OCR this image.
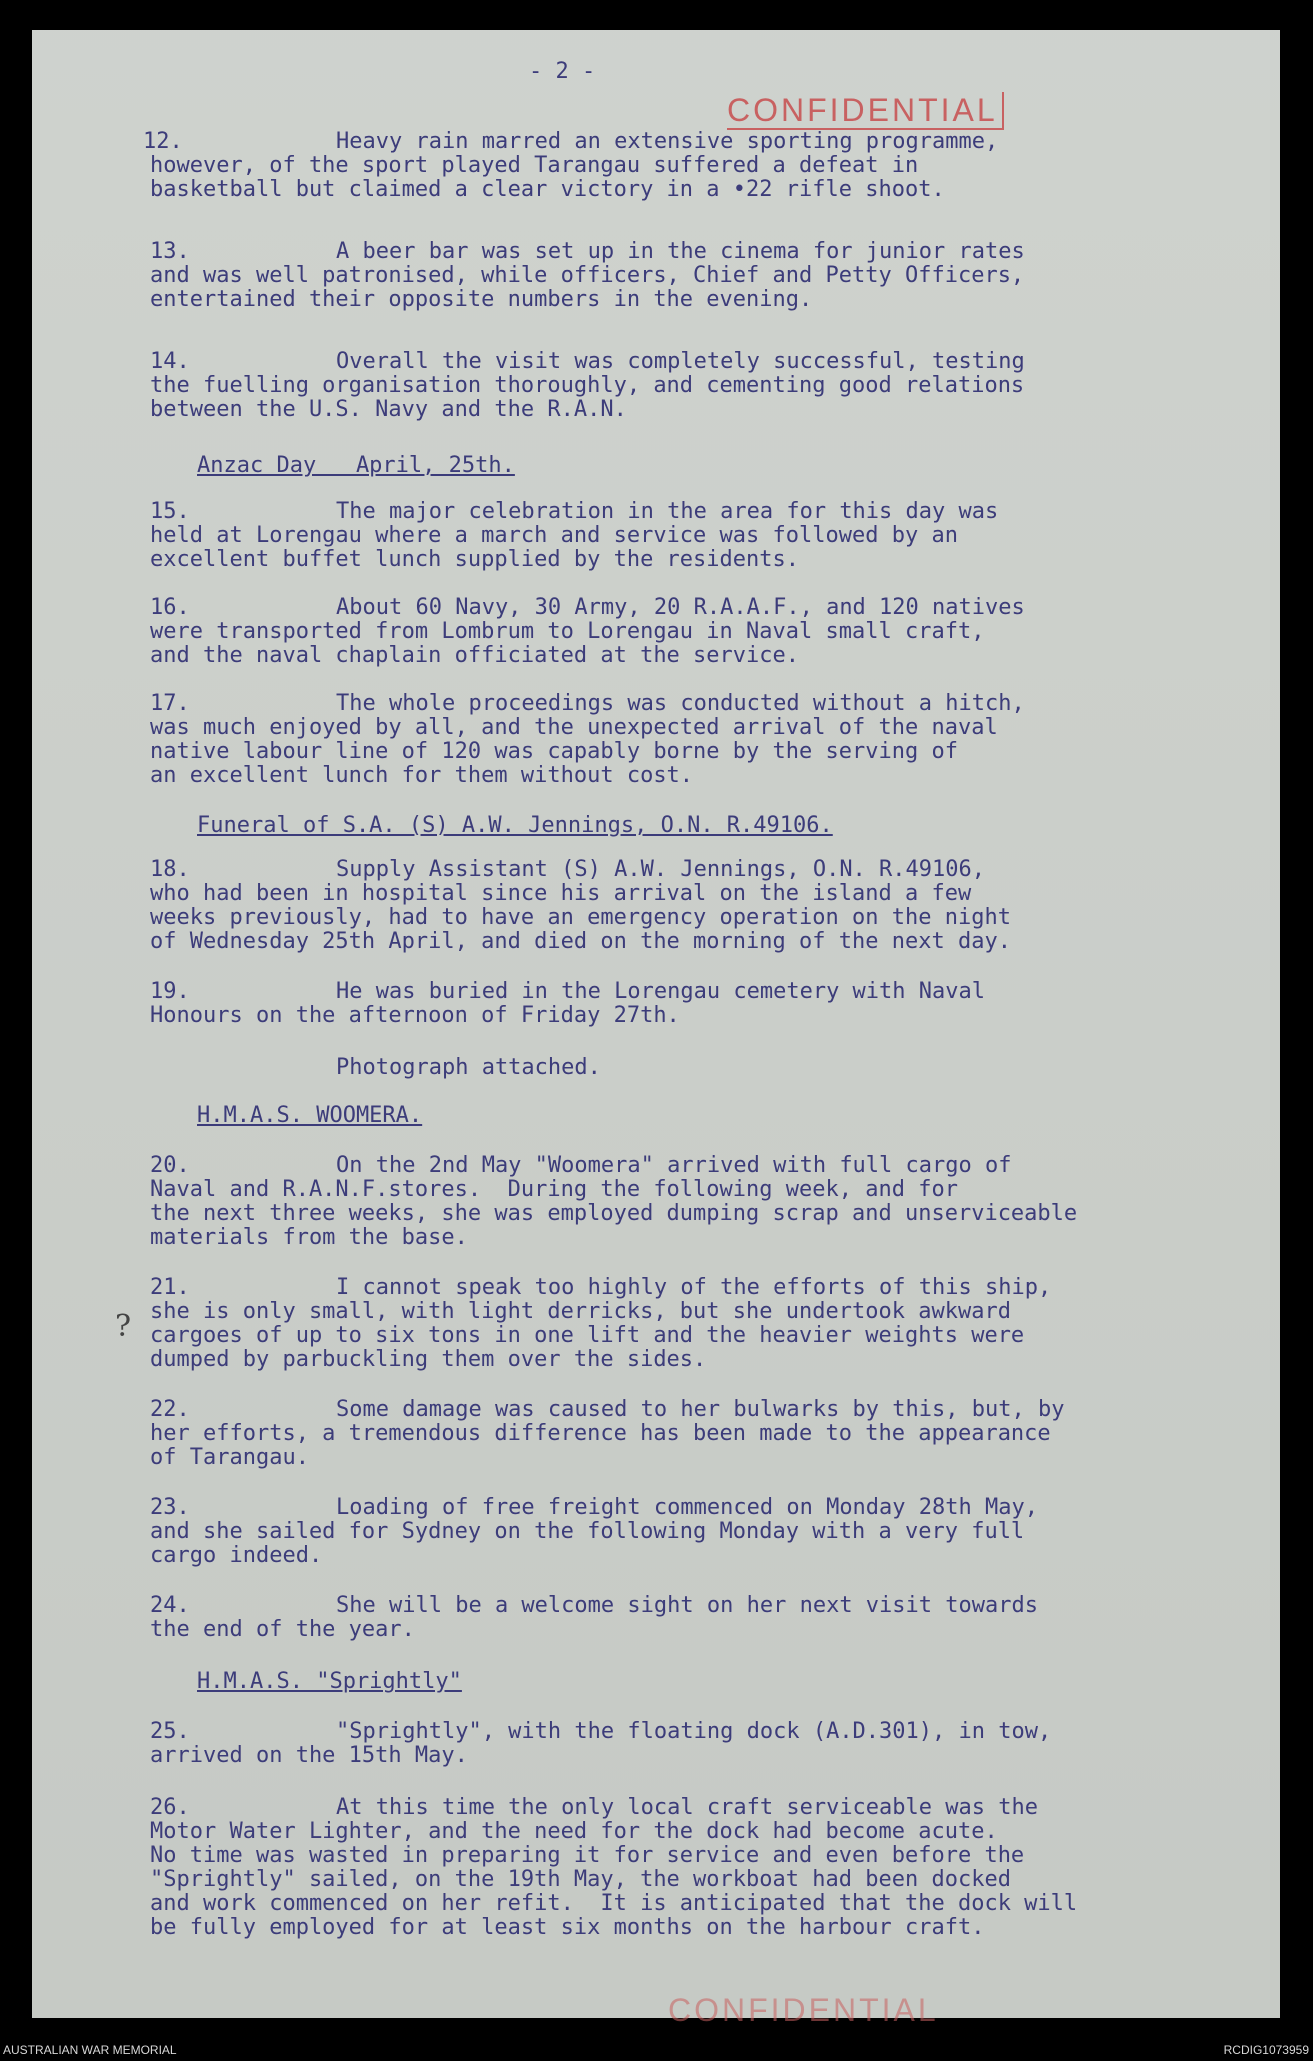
- 2 -
CONFIDENTIAL
?
12.	Heavy rain marred an extensive sporting programme,
however, of the sport played Tarangau suffered a defeat in
basketball but claimed a clear victory in a •22 rifle shoot.
13.	A beer bar was set up in the cinema for junior rates
and was well patronised, while officers, Chief and Petty Officers,
entertained their opposite numbers in the evening.
14.	Overall the visit was completely successful, testing
the fuelling organisation thoroughly, and cementing good relations
between the U.S. Navy and the R.A.N.
Anzac Day   April, 25th.
15.	The major celebration in the area for this day was
held at Lorengau where a march and service was followed by an
excellent buffet lunch supplied by the residents.
16.	About 60 Navy, 30 Army, 20 R.A.A.F., and 120 natives
were transported from Lombrum to Lorengau in Naval small craft,
and the naval chaplain officiated at the service.
17.	The whole proceedings was conducted without a hitch,
was much enjoyed by all, and the unexpected arrival of the naval
native labour line of 120 was capably borne by the serving of
an excellent lunch for them without cost.
Funeral of S.A. (S) A.W. Jennings, O.N. R.49106.
18.	Supply Assistant (S) A.W. Jennings, O.N. R.49106,
who had been in hospital since his arrival on the island a few
weeks previously, had to have an emergency operation on the night
of Wednesday 25th April, and died on the morning of the next day.
19.	He was buried in the Lorengau cemetery with Naval
Honours on the afternoon of Friday 27th.
Photograph attached.
H.M.A.S. WOOMERA.
20.	On the 2nd May "Woomera" arrived with full cargo of
Naval and R.A.N.F.stores.  During the following week, and for
the next three weeks, she was employed dumping scrap and unserviceable
materials from the base.
21.	I cannot speak too highly of the efforts of this ship,
she is only small, with light derricks, but she undertook awkward
cargoes of up to six tons in one lift and the heavier weights were
dumped by parbuckling them over the sides.
22.	Some damage was caused to her bulwarks by this, but, by
her efforts, a tremendous difference has been made to the appearance
of Tarangau.
23.	Loading of free freight commenced on Monday 28th May,
and she sailed for Sydney on the following Monday with a very full
cargo indeed.
24.	She will be a welcome sight on her next visit towards
the end of the year.
H.M.A.S. "Sprightly"
25.	"Sprightly", with the floating dock (A.D.301), in tow,
arrived on the 15th May.
26.	At this time the only local craft serviceable was the
Motor Water Lighter, and the need for the dock had become acute.
No time was wasted in preparing it for service and even before the
"Sprightly" sailed, on the 19th May, the workboat had been docked
and work commenced on her refit.  It is anticipated that the dock will
be fully employed for at least six months on the harbour craft.
CONFIDENTIAL
AUSTRALIAN WAR MEMORIAL	RCDIG1073959
